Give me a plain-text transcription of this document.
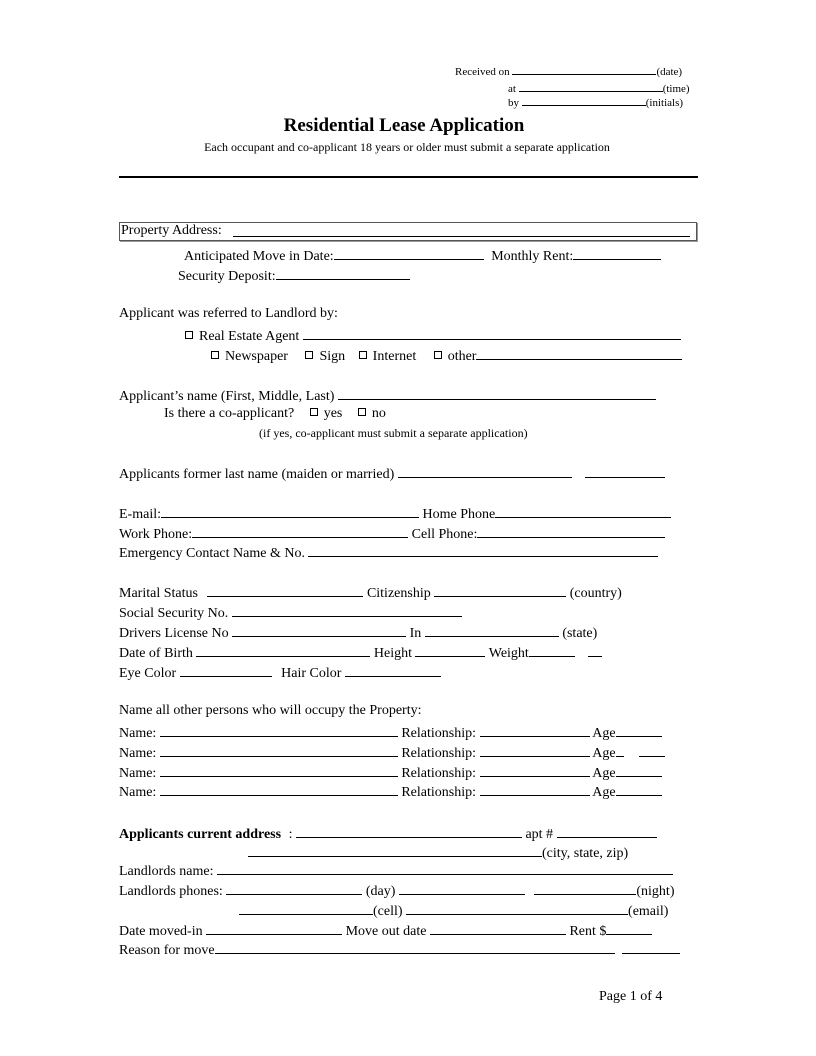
Received on	(date)
at	(time)
by	(initials)
Residential Lease Application
Each occupant and co-applicant 18 years or older must submit a separate application
Property Address:
Anticipated Move in Date:	Monthly Rent:
Security Deposit:
Applicant was referred to Landlord by:
Real Estate Agent
Newspaper Sign Internet other
Applicant’s name (First, Middle, Last)
Is there a co-applicant? yes no
(if yes, co-applicant must submit a separate application)
Applicants former last name (maiden or married)
E-mail:	Home Phone
Work Phone:	Cell Phone:
Emergency Contact Name & No.
Marital Status	Citizenship	(country)
Social Security No.
Drivers License No	In	(state)
Date of Birth	Height	Weight
Eye Color	Hair Color
Name all other persons who will occupy the Property:
Name:	Relationship:	Age
Name:	Relationship:	Age
Name:	Relationship:	Age
Name:	Relationship:	Age
Applicants current address :	apt #
(city, state, zip)
Landlords name:
Landlords phones:	(day)	(night)
(cell)	(email)
Date moved-in	Move out date	Rent $
Reason for move
Page 1 of 4
